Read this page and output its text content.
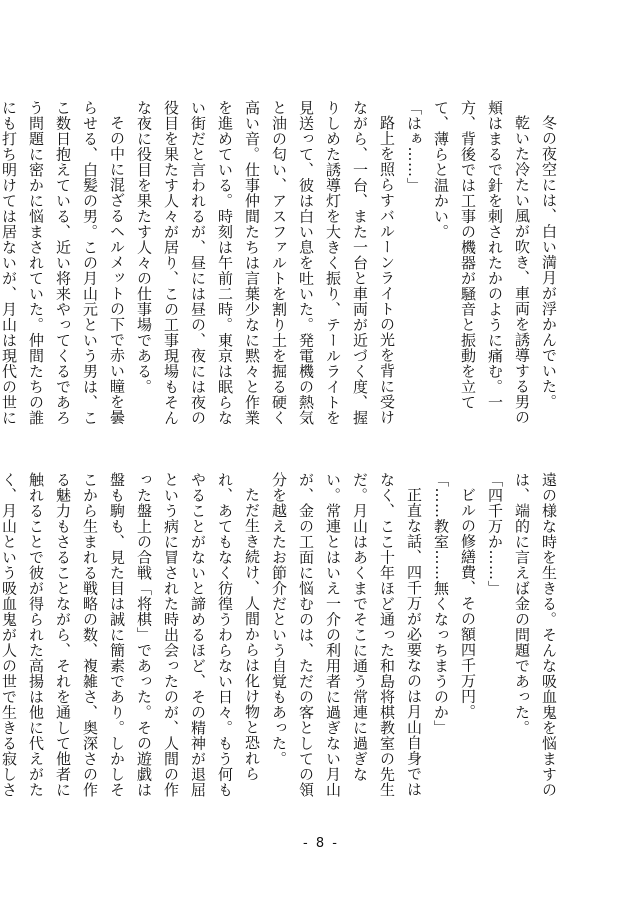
冬の夜空には、白い満月が浮かんでいた。

乾いた冷たい風が吹き、車両を誘導する男の頬はまるで針を刺されたかのように痛む。一方、背後では工事の機器が騒音と振動を立てて、薄らと温かい。

「はぁ……」

路上を照らすバルーンライトの光を背に受けながら、一台、また一台と車両が近づく度、握りしめた誘導灯を大きく振り、テールライトを見送って、彼は白い息を吐いた。発電機の熱気と油の匂い、アスファルトを割り土を掘る硬く高い音。仕事仲間たちは言葉少なに黙々と作業を進めている。時刻は午前二時。東京は眠らない街だと言われるが、昼には昼の、夜には夜の役目を果たす人々が居り、この工事現場もそんな夜に役目を果たす人々の仕事場である。

その中に混ざるヘルメットの下で赤い瞳を曇らせる、白髪の男。この月山元という男は、ここ数日抱えている、近い将来やってくるであろう問題に密かに悩まされていた。仲間たちの誰にも打ち明けては居ないが、月山は現代の世に

遠の様な時を生きる。そんな吸血鬼を悩ますのは、端的に言えば金の問題であった。

「四千万か……」

ビルの修繕費、その額四千万円。

「……教室……無くなっちまうのか」

正直な話、四千万が必要なのは月山自身ではなく、ここ十年ほど通った和島将棋教室の先生だ。月山はあくまでそこに通う常連に過ぎない。常連とはいえ一介の利用者に過ぎない月山が、金の工面に悩むのは、ただの客としての領分を越えたお節介だという自覚もあった。

ただ生き続け、人間からは化け物と恐れられ、あてもなく彷徨うわらない日々。もう何もやることがないと諦めるほど、その精神が退屈という病に冒された時出会ったのが、人間の作った盤上の合戦「将棋」であった。その遊戯は盤も駒も、見た目は誠に簡素であり。しかしそこから生まれる戦略の数、複雑さ、奥深さの作る魅力もさることながら、それを通して他者に触れることで彼が得られた高揚は他に代えがたく、月山という吸血鬼が人の世で生きる寂しさ

- 8 -
